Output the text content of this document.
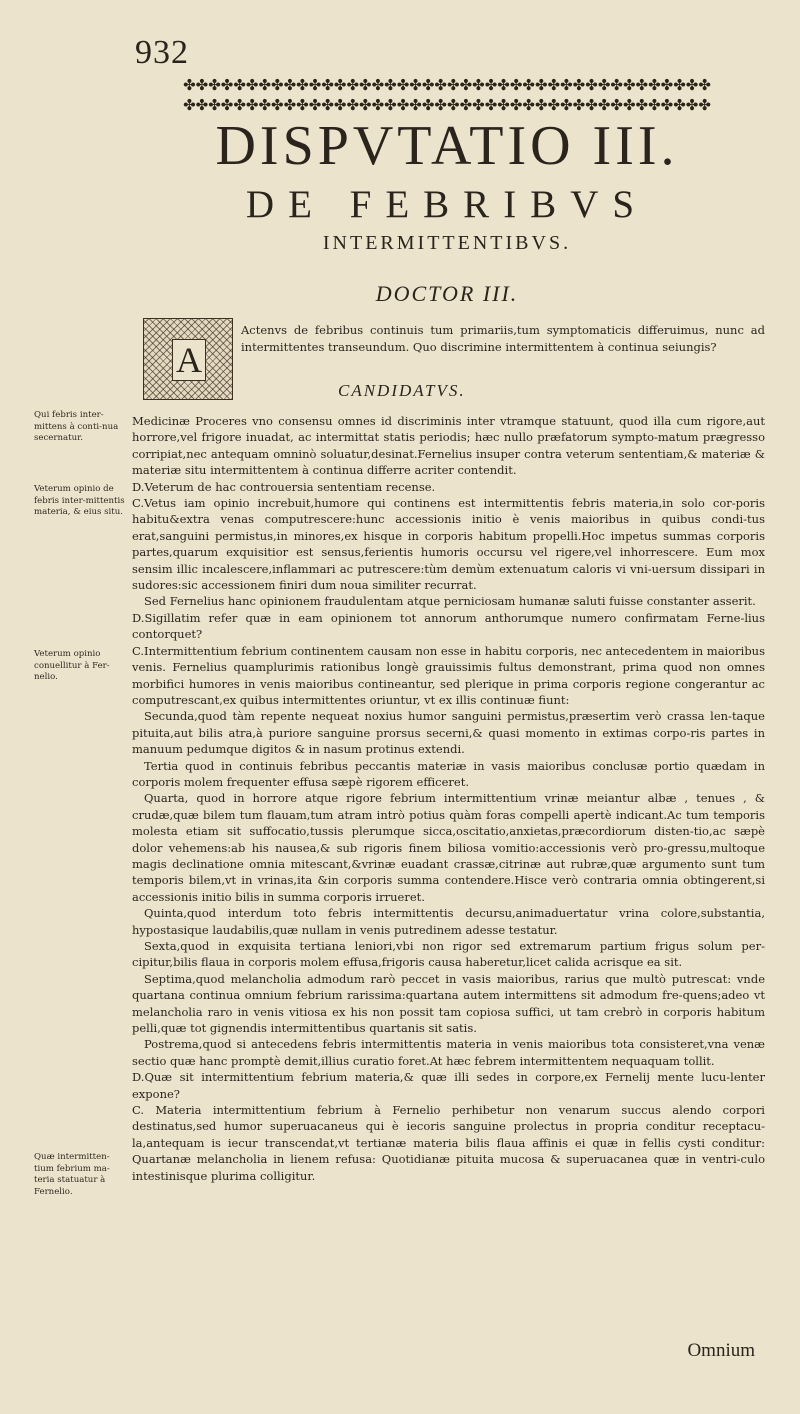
932
✤✤✤✤✤✤✤✤✤✤✤✤✤✤✤✤✤✤✤✤✤✤✤✤✤✤✤✤✤✤✤✤✤✤✤✤✤✤✤✤✤✤
✤✤✤✤✤✤✤✤✤✤✤✤✤✤✤✤✤✤✤✤✤✤✤✤✤✤✤✤✤✤✤✤✤✤✤✤✤✤✤✤✤✤
DISPVTATIO III.
DE FEBRIBVS
INTERMITTENTIBVS.
DOCTOR III.
A
Actenvs de febribus continuis tum primariis,tum symptomaticis differuimus, nunc ad intermittentes transeundum. Quo discrimine intermittentem à continua seiungis?
CANDIDATVS.

Medicinæ Proceres vno consensu omnes id discriminis inter vtramque statuunt, quod illa cum rigore,aut horrore,vel frigore inuadat, ac intermittat statis periodis; hæc nullo præfatorum sympto-matum prægresso corripiat,nec antequam omninò soluatur,desinat.Fernelius insuper contra veterum sententiam,& materiæ & materiæ situ intermittentem à continua differre acriter contendit.

D.Veterum de hac controuersia sententiam recense.

C.Vetus iam opinio increbuit,humore qui continens est intermittentis febris materia,in solo cor-poris habitu&extra venas computrescere:hunc accessionis initio è venis maioribus in quibus condi-tus erat,sanguini permistus,in minores,ex hisque in corporis habitum propelli.Hoc impetus summas corporis partes,quarum exquisitior est sensus,ferientis humoris occursu vel rigere,vel inhorrescere. Eum mox sensim illic incalescere,inflammari ac putrescere:tùm demùm extenuatum caloris vi vni-uersum dissipari in sudores:sic accessionem finiri dum noua similiter recurrat.

Sed Fernelius hanc opinionem fraudulentam atque perniciosam humanæ saluti fuisse constanter asserit.

D.Sigillatim refer quæ in eam opinionem tot annorum anthorumque numero confirmatam Ferne-lius contorquet?

C.Intermittentium febrium continentem causam non esse in habitu corporis, nec antecedentem in maioribus venis. Fernelius quamplurimis rationibus longè grauissimis fultus demonstrant, prima quod non omnes morbifici humores in venis maioribus contineantur, sed plerique in prima corporis regione congerantur ac computrescant,ex quibus intermittentes oriuntur, vt ex illis continuæ fiunt:

Secunda,quod tàm repente nequeat noxius humor sanguini permistus,præsertim verò crassa len-taque pituita,aut bilis atra,à puriore sanguine prorsus secerni,& quasi momento in extimas corpo-ris partes in manuum pedumque digitos & in nasum protinus extendi.

Tertia quod in continuis febribus peccantis materiæ in vasis maioribus conclusæ portio quædam in corporis molem frequenter effusa sæpè rigorem efficeret.

Quarta, quod in horrore atque rigore febrium intermittentium vrinæ meiantur albæ , tenues , & crudæ,quæ bilem tum flauam,tum atram intrò potius quàm foras compelli apertè indicant.Ac tum temporis molesta etiam sit suffocatio,tussis plerumque sicca,oscitatio,anxietas,præcordiorum disten-tio,ac sæpè dolor vehemens:ab his nausea,& sub rigoris finem biliosa vomitio:accessionis verò pro-gressu,multoque magis declinatione omnia mitescant,&vrinæ euadant crassæ,citrinæ aut rubræ,quæ argumento sunt tum temporis bilem,vt in vrinas,ita &in corporis summa contendere.Hisce verò contraria omnia obtingerent,si accessionis initio bilis in summa corporis irrueret.

Quinta,quod interdum toto febris intermittentis decursu,animaduertatur vrina colore,substantia, hypostasique laudabilis,quæ nullam in venis putredinem adesse testatur.

Sexta,quod in exquisita tertiana leniori,vbi non rigor sed extremarum partium frigus solum per-cipitur,bilis flaua in corporis molem effusa,frigoris causa haberetur,licet calida acrisque ea sit.

Septima,quod melancholia admodum rarò peccet in vasis maioribus, rarius que multò putrescat: vnde quartana continua omnium febrium rarissima:quartana autem intermittens sit admodum fre-quens;adeo vt melancholia raro in venis vitiosa ex his non possit tam copiosa suffici, ut tam crebrò in corporis habitum pelli,quæ tot gignendis intermittentibus quartanis sit satis.

Postrema,quod si antecedens febris intermittentis materia in venis maioribus tota consisteret,vna venæ sectio quæ hanc promptè demit,illius curatio foret.At hæc febrem intermittentem nequaquam tollit.

D.Quæ sit intermittentium febrium materia,& quæ illi sedes in corpore,ex Fernelij mente lucu-lenter expone?

C. Materia intermittentium febrium à Fernelio perhibetur non venarum succus alendo corpori destinatus,sed humor superuacaneus qui è iecoris sanguine prolectus in propria conditur receptacu-la,antequam is iecur transcendat,vt tertianæ materia bilis flaua affinis ei quæ in fellis cysti conditur: Quartanæ melancholia in lienem refusa: Quotidianæ pituita mucosa & superuacanea quæ in ventri-culo intestinisque plurima colligitur.

Qui febris inter-mittens à conti-nua secernatur.
Veterum opinio de febris inter-mittentis materia, & eius situ.
Veterum opinio conuellitur à Fer-nelio.
Quæ intermitten-tium febrium ma-teria statuatur à Fernelio.
Omnium
